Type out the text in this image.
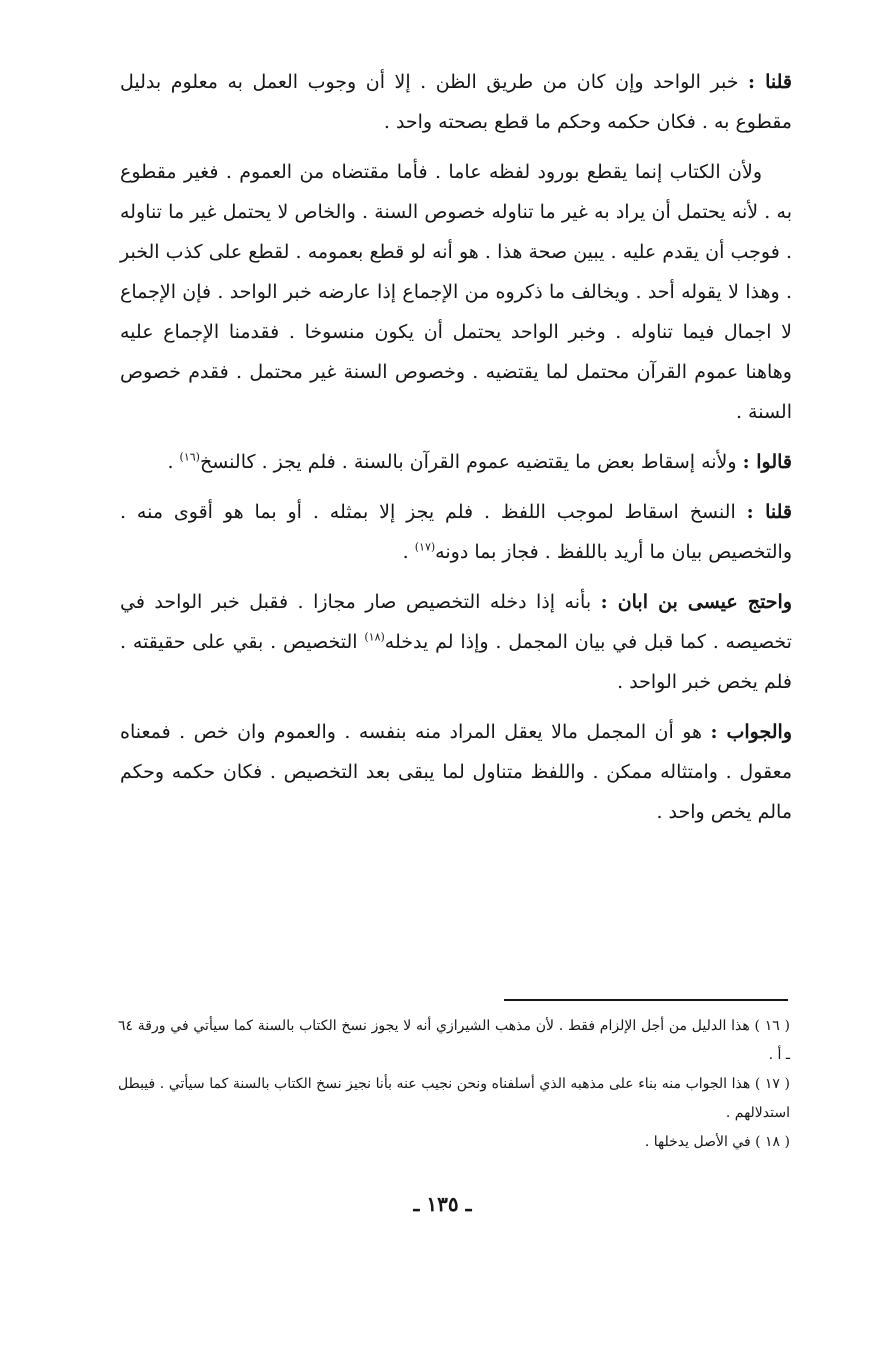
قلنا : خبر الواحد وإن كان من طريق الظن . إلا أن وجوب العمل به معلوم بدليل مقطوع به . فكان حكمه وحكم ما قطع بصحته واحد .

ولأن الكتاب إنما يقطع بورود لفظه عاما . فأما مقتضاه من العموم . فغير مقطوع به . لأنه يحتمل أن يراد به غير ما تناوله خصوص السنة . والخاص لا يحتمل غير ما تناوله . فوجب أن يقدم عليه . يبين صحة هذا . هو أنه لو قطع بعمومه . لقطع على كذب الخبر . وهذا لا يقوله أحد . ويخالف ما ذكروه من الإجماع إذا عارضه خبر الواحد . فإن الإجماع لا اجمال فيما تناوله . وخبر الواحد يحتمل أن يكون منسوخا . فقدمنا الإجماع عليه وهاهنا عموم القرآن محتمل لما يقتضيه . وخصوص السنة غير محتمل . فقدم خصوص السنة .

قالوا : ولأنه إسقاط بعض ما يقتضيه عموم القرآن بالسنة . فلم يجز . كالنسخ$^{(١٦)}$ .

قلنا : النسخ اسقاط لموجب اللفظ . فلم يجز إلا بمثله . أو بما هو أقوى منه . والتخصيص بيان ما أريد باللفظ . فجاز بما دونه$^{(١٧)}$ .

واحتج عيسى بن ابان : بأنه إذا دخله التخصيص صار مجازا . فقبل خبر الواحد في تخصيصه . كما قبل في بيان المجمل . وإذا لم يدخله$^{(١٨)}$ التخصيص . بقي على حقيقته . فلم يخص خبر الواحد .

والجواب : هو أن المجمل مالا يعقل المراد منه بنفسه . والعموم وان خص . فمعناه معقول . وامتثاله ممكن . واللفظ متناول لما يبقى بعد التخصيص . فكان حكمه وحكم مالم يخص واحد .

( ١٦ ) هذا الدليل من أجل الإلزام فقط . لأن مذهب الشيرازي أنه لا يجوز نسخ الكتاب بالسنة كما سيأتي في ورقة ٦٤ ـ أ .

( ١٧ ) هذا الجواب منه بناء على مذهبه الذي أسلفناه ونحن نجيب عنه بأنا نجيز نسخ الكتاب بالسنة كما سيأتي . فيبطل استدلالهم .

( ١٨ ) في الأصل يدخلها .

ـ ١٣٥ ـ
